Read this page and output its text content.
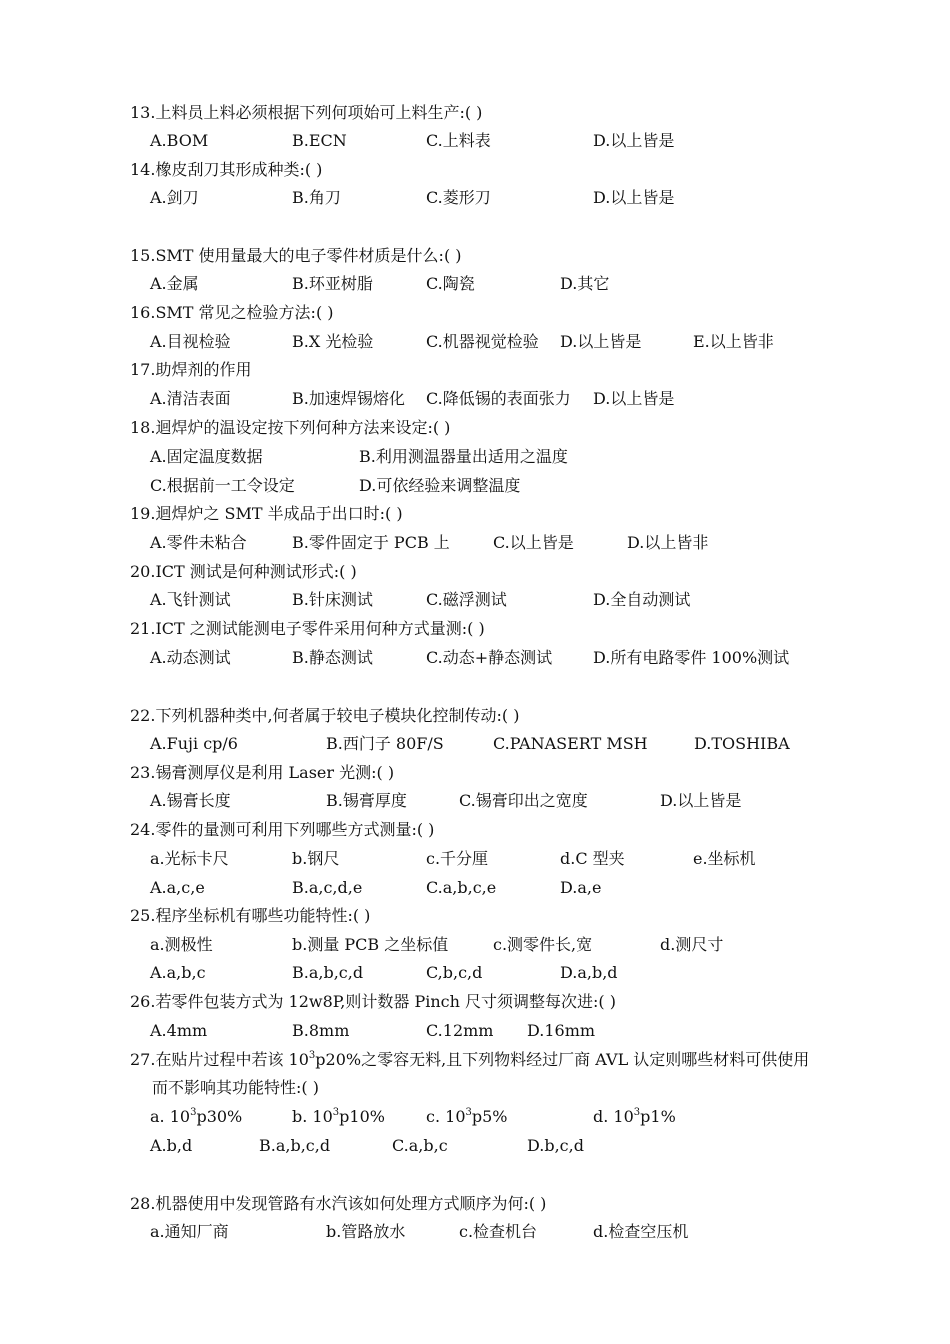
13.上料员上料必须根据下列何项始可上料生产:( )
A.BOM	B.ECN	C.上料表	D.以上皆是
14.橡皮刮刀其形成种类:( )
A.剑刀	B.角刀	C.菱形刀	D.以上皆是
15.SMT 使用量最大的电子零件材质是什么:( )
A.金属	B.环亚树脂	C.陶瓷	D.其它
16.SMT 常见之检验方法:( )
A.目视检验	B.X 光检验	C.机器视觉检验 D.以上皆是	E.以上皆非
17.助焊剂的作用
A.清洁表面	B.加速焊锡熔化 C.降低锡的表面张力 D.以上皆是
18.迴焊炉的温设定按下列何种方法来设定:( )
A.固定温度数据	B.利用测温器量出适用之温度
C.根据前一工令设定	D.可依经验来调整温度
19.迴焊炉之 SMT 半成品于出口时:( )
A.零件未粘合	B.零件固定于 PCB 上	C.以上皆是	D.以上皆非
20.ICT 测试是何种测试形式:( )
A.飞针测试	B.针床测试	C.磁浮测试	D.全自动测试
21.ICT 之测试能测电子零件采用何种方式量测:( )
A.动态测试	B.静态测试	C.动态+静态测试	D.所有电路零件 100%测试
22.下列机器种类中,何者属于较电子模块化控制传动:( )
A.Fuji cp/6	B.西门子 80F/S	C.PANASERT MSH	D.TOSHIBA
23.锡膏测厚仪是利用 Laser 光测:( )
A.锡膏长度	B.锡膏厚度	C.锡膏印出之宽度	D.以上皆是
24.零件的量测可利用下列哪些方式测量:( )
a.光标卡尺	b.钢尺	c.千分厘	d.C 型夹	e.坐标机
A.a,c,e	B.a,c,d,e	C.a,b,c,e	D.a,e
25.程序坐标机有哪些功能特性:( )
a.测极性	b.测量 PCB 之坐标值	c.测零件长,宽	d.测尺寸
A.a,b,c	B.a,b,c,d	C,b,c,d	D.a,b,d
26.若零件包装方式为 12w8P,则计数器 Pinch 尺寸须调整每次进:( )
A.4mm	B.8mm	C.12mm D.16mm
27.在贴片过程中若该 $10^3p20\%$之零容无料,且下列物料经过厂商 AVL 认定则哪些材料可供使用
而不影响其功能特性:( )
a. $10^3p30\%$	b. $10^3p10\%$	c. $10^3p5\%$	d. $10^3p1\%$
A.b,d	B.a,b,c,d	C.a,b,c	D.b,c,d
28.机器使用中发现管路有水汽该如何处理方式顺序为何:( )
a.通知厂商	b.管路放水	c.检查机台	d.检查空压机
